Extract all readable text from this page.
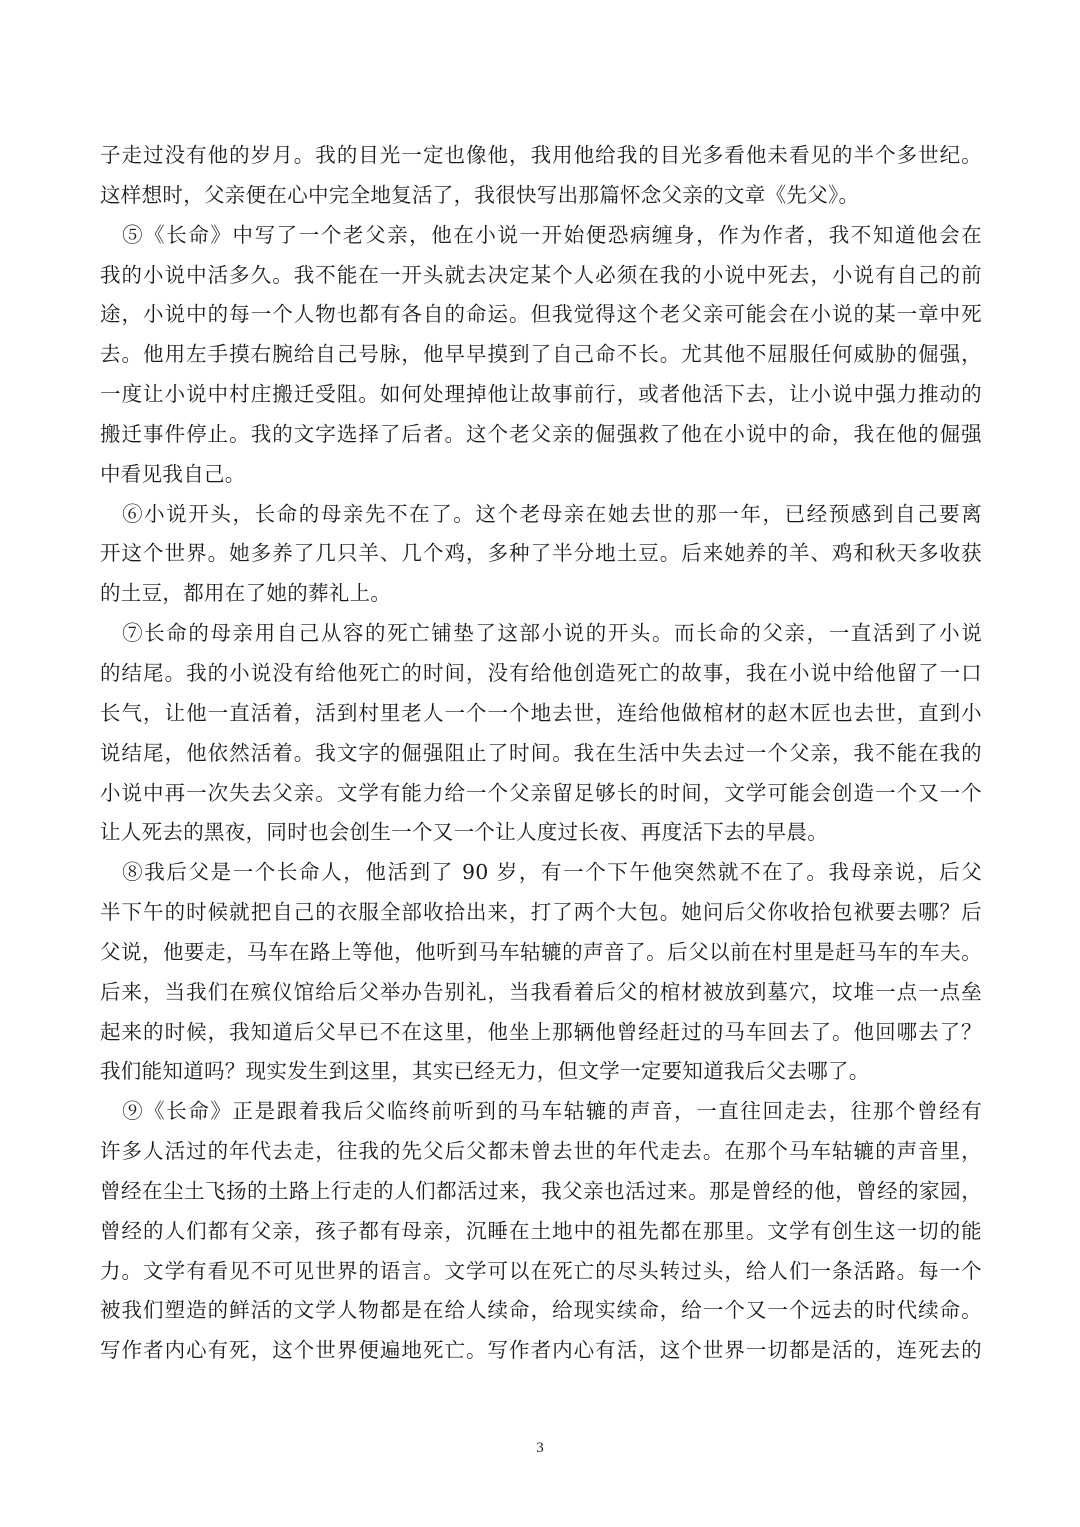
子走过没有他的岁月。我的目光一定也像他，我用他给我的目光多看他未看见的半个多世纪。
这样想时，父亲便在心中完全地复活了，我很快写出那篇怀念父亲的文章《先父》。
　⑤《长命》中写了一个老父亲，他在小说一开始便恐病缠身，作为作者，我不知道他会在
我的小说中活多久。我不能在一开头就去决定某个人必须在我的小说中死去，小说有自己的前
途，小说中的每一个人物也都有各自的命运。但我觉得这个老父亲可能会在小说的某一章中死
去。他用左手摸右腕给自己号脉，他早早摸到了自己命不长。尤其他不屈服任何威胁的倔强，
一度让小说中村庄搬迁受阻。如何处理掉他让故事前行，或者他活下去，让小说中强力推动的
搬迁事件停止。我的文字选择了后者。这个老父亲的倔强救了他在小说中的命，我在他的倔强
中看见我自己。
　⑥小说开头，长命的母亲先不在了。这个老母亲在她去世的那一年，已经预感到自己要离
开这个世界。她多养了几只羊、几个鸡，多种了半分地土豆。后来她养的羊、鸡和秋天多收获
的土豆，都用在了她的葬礼上。
　⑦长命的母亲用自己从容的死亡铺垫了这部小说的开头。而长命的父亲，一直活到了小说
的结尾。我的小说没有给他死亡的时间，没有给他创造死亡的故事，我在小说中给他留了一口
长气，让他一直活着，活到村里老人一个一个地去世，连给他做棺材的赵木匠也去世，直到小
说结尾，他依然活着。我文字的倔强阻止了时间。我在生活中失去过一个父亲，我不能在我的
小说中再一次失去父亲。文学有能力给一个父亲留足够长的时间，文学可能会创造一个又一个
让人死去的黑夜，同时也会创生一个又一个让人度过长夜、再度活下去的早晨。
　⑧我后父是一个长命人，他活到了 90 岁，有一个下午他突然就不在了。我母亲说，后父
半下午的时候就把自己的衣服全部收拾出来，打了两个大包。她问后父你收拾包袱要去哪？后
父说，他要走，马车在路上等他，他听到马车轱辘的声音了。后父以前在村里是赶马车的车夫。
后来，当我们在殡仪馆给后父举办告别礼，当我看着后父的棺材被放到墓穴，坟堆一点一点垒
起来的时候，我知道后父早已不在这里，他坐上那辆他曾经赶过的马车回去了。他回哪去了？
我们能知道吗？现实发生到这里，其实已经无力，但文学一定要知道我后父去哪了。
　⑨《长命》正是跟着我后父临终前听到的马车轱辘的声音，一直往回走去，往那个曾经有
许多人活过的年代去走，往我的先父后父都未曾去世的年代走去。在那个马车轱辘的声音里，
曾经在尘土飞扬的土路上行走的人们都活过来，我父亲也活过来。那是曾经的他，曾经的家园，
曾经的人们都有父亲，孩子都有母亲，沉睡在土地中的祖先都在那里。文学有创生这一切的能
力。文学有看见不可见世界的语言。文学可以在死亡的尽头转过头，给人们一条活路。每一个
被我们塑造的鲜活的文学人物都是在给人续命，给现实续命，给一个又一个远去的时代续命。
写作者内心有死，这个世界便遍地死亡。写作者内心有活，这个世界一切都是活的，连死去的
3
